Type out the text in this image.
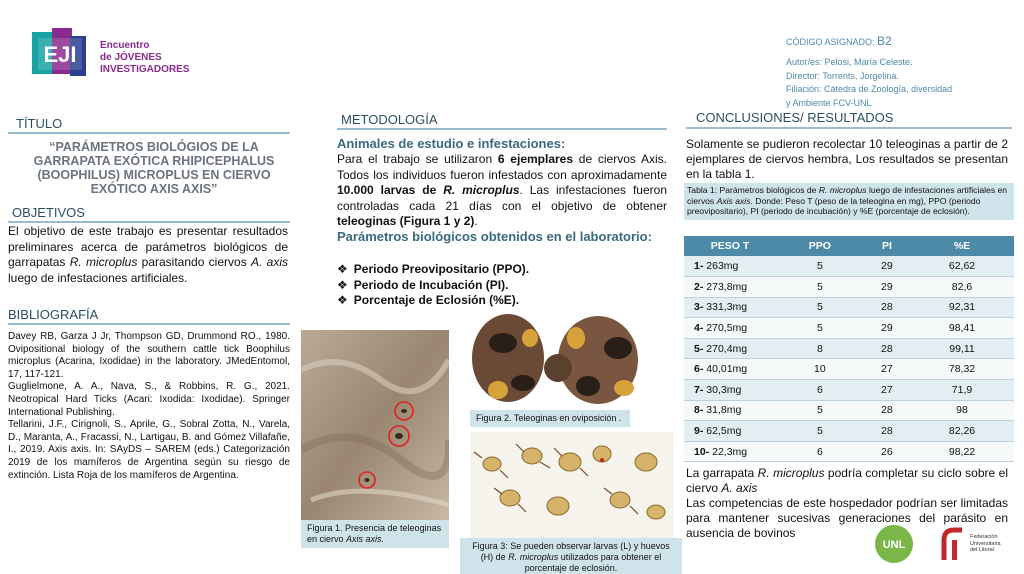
EJI Encuentro
de JÓVENES
INVESTIGADORES
CÓDIGO ASIGNADO: B2
Autor/es: Pelosi, María Celeste.
Director: Torrents, Jorgelina.
Filiación: Cátedra de Zoología, diversidad
y Ambiente FCV-UNL
TÍTULO
“PARÁMETROS BIOLÓGIOS DE LA GARRAPATA EXÓTICA RHIPICEPHALUS (BOOPHILUS) MICROPLUS EN CIERVO EXÓTICO AXIS AXIS”
OBJETIVOS
El objetivo de este trabajo es presentar resultados preliminares acerca de parámetros biológicos de garrapatas R. microplus parasitando ciervos A. axis luego de infestaciones artificiales.
BIBLIOGRAFÍA
Davey RB, Garza J Jr, Thompson GD, Drummond RO., 1980. Ovipositional biology of the southern cattle tick Boophilus microplus (Acarina, Ixodidae) in the laboratory. JMedEntomol, 17, 117-121.
Guglielmone, A. A., Nava, S., & Robbins, R. G., 2021. Neotropical Hard Ticks (Acari: Ixodida: Ixodidae). Springer International Publishing.
Tellarini, J.F., Cirignoli, S., Aprile, G., Sobral Zotta, N., Varela, D., Maranta, A., Fracassi, N., Lartigau, B. and Gómez Villafañe, I., 2019. Axis axis. In: SAyDS – SAREM (eds.) Categorización 2019 de los mamíferos de Argentina según su riesgo de extinción. Lista Roja de los mamíferos de Argentina.
METODOLOGÍA
Animales de estudio e infestaciones:
Para el trabajo se utilizaron 6 ejemplares de ciervos Axis. Todos los individuos fueron infestados con aproximadamente 10.000 larvas de R. microplus. Las infestaciones fueron controladas cada 21 días con el objetivo de obtener teleoginas (Figura 1 y 2).
Parámetros biológicos obtenidos en el laboratorio:
❖ Periodo Preovipositario (PPO).
❖ Periodo de Incubación (PI).
❖ Porcentaje de Eclosión (%E).
Figura 1. Presencia de teleoginas en ciervo Axis axis.
Figura 2. Teleoginas en oviposición .
Figura 3: Se pueden observar larvas (L) y huevos (H) de R. microplus utilizados para obtener el porcentaje de eclosión.
CONCLUSIONES/ RESULTADOS
Solamente se pudieron recolectar 10 teleoginas a partir de 2 ejemplares de ciervos hembra, Los resultados se presentan en la tabla 1.
Tabla 1: Parámetros biológicos de R. microplus luego de infestaciones artificiales en ciervos Axis axis. Donde: Peso T (peso de la teleogina en mg), PPO (periodo preovipositario), PI (periodo de incubación) y %E (porcentaje de eclosión).
PESO T	PPO	PI	%E
1- 263mg	5	29	62,62
2- 273,8mg	5	29	82,6
3- 331,3mg	5	28	92,31
4- 270,5mg	5	29	98,41
5- 270,4mg	8	28	99,11
6- 40,01mg	10	27	78,32
7- 30,3mg	6	27	71,9
8- 31,8mg	5	28	98
9- 62,5mg	5	28	82,26
10- 22,3mg	6	26	98,22
La garrapata R. microplus podría completar su ciclo sobre el ciervo A. axis
Las competencias de este hospedador podrían ser limitadas para mantener sucesivas generaciones del parásito en ausencia de bovinos
UNL
Federación
Universitaria
del Litoral
